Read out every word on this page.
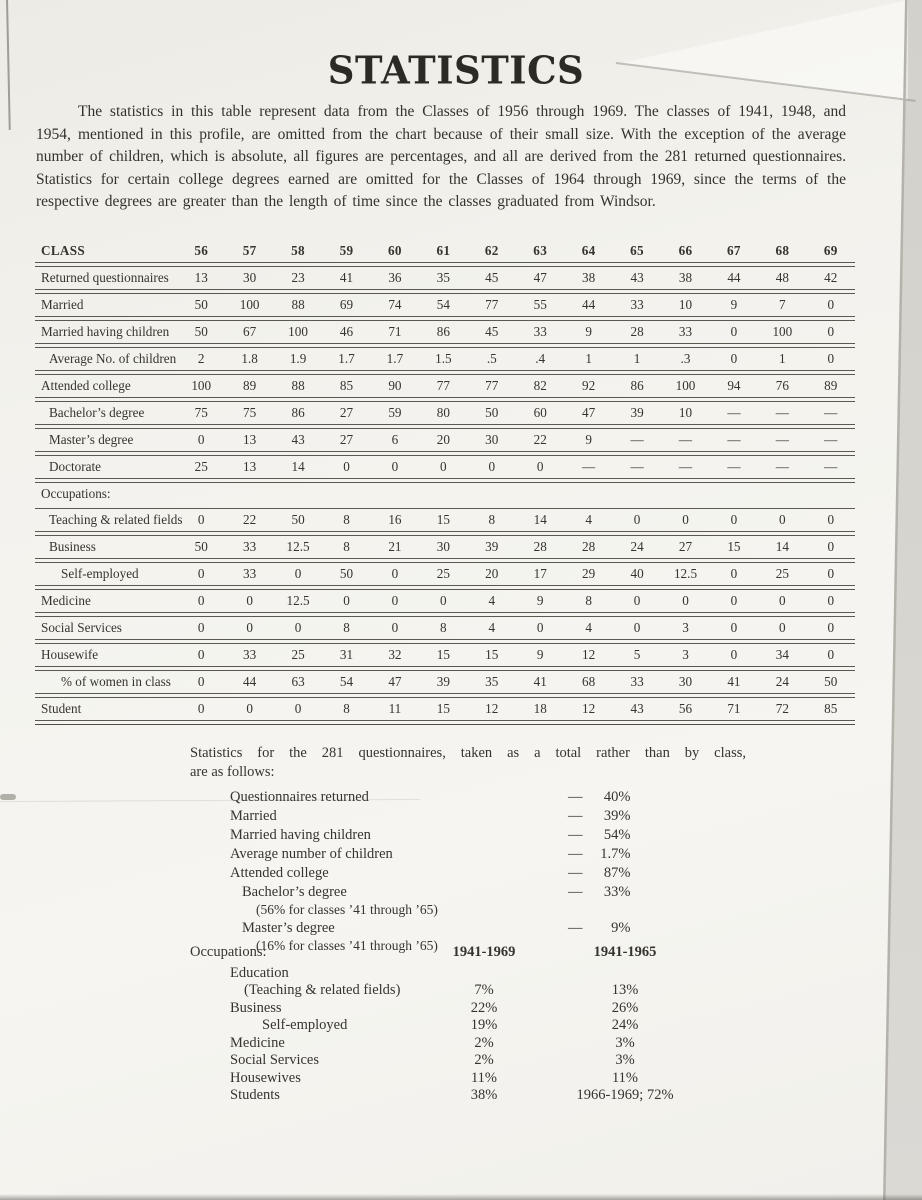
STATISTICS

The statistics in this table represent data from the Classes of 1956 through 1969. The classes of 1941, 1948, and 1954, mentioned in this profile, are omitted from the chart because of their small size. With the exception of the average number of children, which is absolute, all figures are percentages, and all are derived from the 281 returned questionnaires. Statistics for certain college degrees earned are omitted for the Classes of 1964 through 1969, since the terms of the respective degrees are greater than the length of time since the classes graduated from Windsor.

CLASS	56	57	58	59	60	61	62	63	64	65	66	67	68	69
Returned questionnaires	13	30	23	41	36	35	45	47	38	43	38	44	48	42
Married	50	100	88	69	74	54	77	55	44	33	10	9	7	0
Married having children	50	67	100	46	71	86	45	33	9	28	33	0	100	0
Average No. of children	2	1.8	1.9	1.7	1.7	1.5	.5	.4	1	1	.3	0	1	0
Attended college	100	89	88	85	90	77	77	82	92	86	100	94	76	89
Bachelor’s degree	75	75	86	27	59	80	50	60	47	39	10	—	—	—
Master’s degree	0	13	43	27	6	20	30	22	9	—	—	—	—	—
Doctorate	25	13	14	0	0	0	0	0	—	—	—	—	—	—
Occupations:
Teaching & related fields	0	22	50	8	16	15	8	14	4	0	0	0	0	0
Business	50	33	12.5	8	21	30	39	28	28	24	27	15	14	0
Self-employed	0	33	0	50	0	25	20	17	29	40	12.5	0	25	0
Medicine	0	0	12.5	0	0	0	4	9	8	0	0	0	0	0
Social Services	0	0	0	8	0	8	4	0	4	0	3	0	0	0
Housewife	0	33	25	31	32	15	15	9	12	5	3	0	34	0
% of women in class	0	44	63	54	47	39	35	41	68	33	30	41	24	50
Student	0	0	0	8	11	15	12	18	12	43	56	71	72	85
Statistics for the 281 questionnaires, taken as a total rather than by class,
are as follows:
Questionnaires returned	— 40%
Married	— 39%
Married having children	— 54%
Average number of children	— 1.7%
Attended college	— 87%
Bachelor’s degree	— 33%
(56% for classes ’41 through ’65)
Master’s degree	— 9%
(16% for classes ’41 through ’65)
Occupations:	1941-1969	1941-1965
Education
(Teaching & related fields)	7%	13%
Business	22%	26%
Self-employed	19%	24%
Medicine	2%	3%
Social Services	2%	3%
Housewives	11%	11%
Students	38%	1966-1969; 72%
